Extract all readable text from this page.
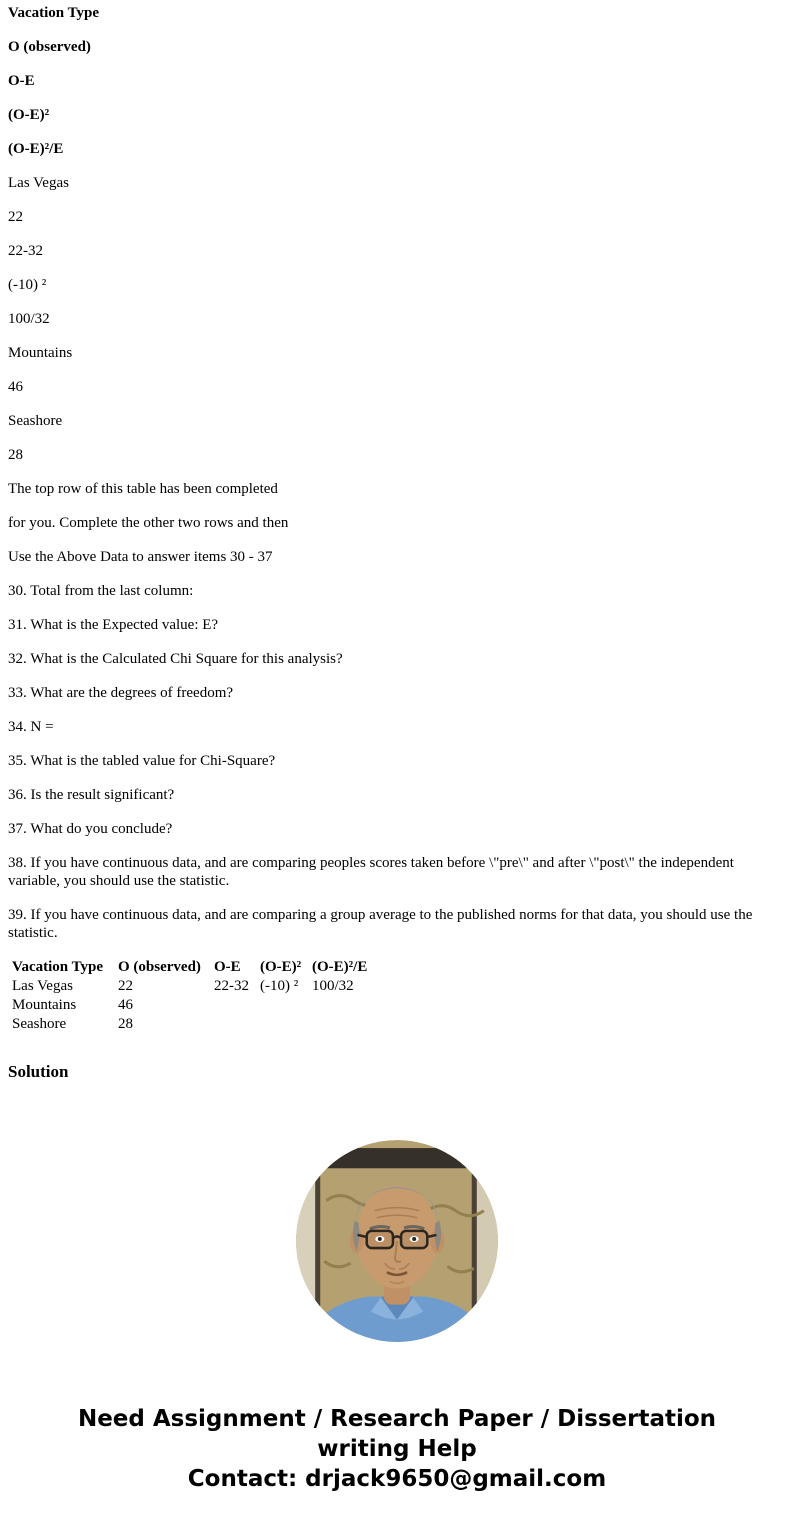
Vacation Type

O (observed)

O-E

(O-E)²

(O-E)²/E

Las Vegas

22

22-32

(-10) ²

100/32

Mountains

46

Seashore

28

The top row of this table has been completed

for you. Complete the other two rows and then

Use the Above Data to answer items 30 - 37

30. Total from the last column:

31. What is the Expected value: E?

32. What is the Calculated Chi Square for this analysis?

33. What are the degrees of freedom?

34. N =

35. What is the tabled value for Chi-Square?

36. Is the result significant?

37. What do you conclude?

38. If you have continuous data, and are comparing peoples scores taken before \"pre\" and after \"post\" the independent variable, you should use the statistic.

39. If you have continuous data, and are comparing a group average to the published norms for that data, you should use the statistic.

Vacation Type	O (observed)	O-E	(O-E)²	(O-E)²/E
Las Vegas	22	22-32	(-10) ²	100/32
Mountains	46			
Seashore	28			
Solution
Need Assignment / Research Paper / Dissertation writing Help
Contact: drjack9650@gmail.com
